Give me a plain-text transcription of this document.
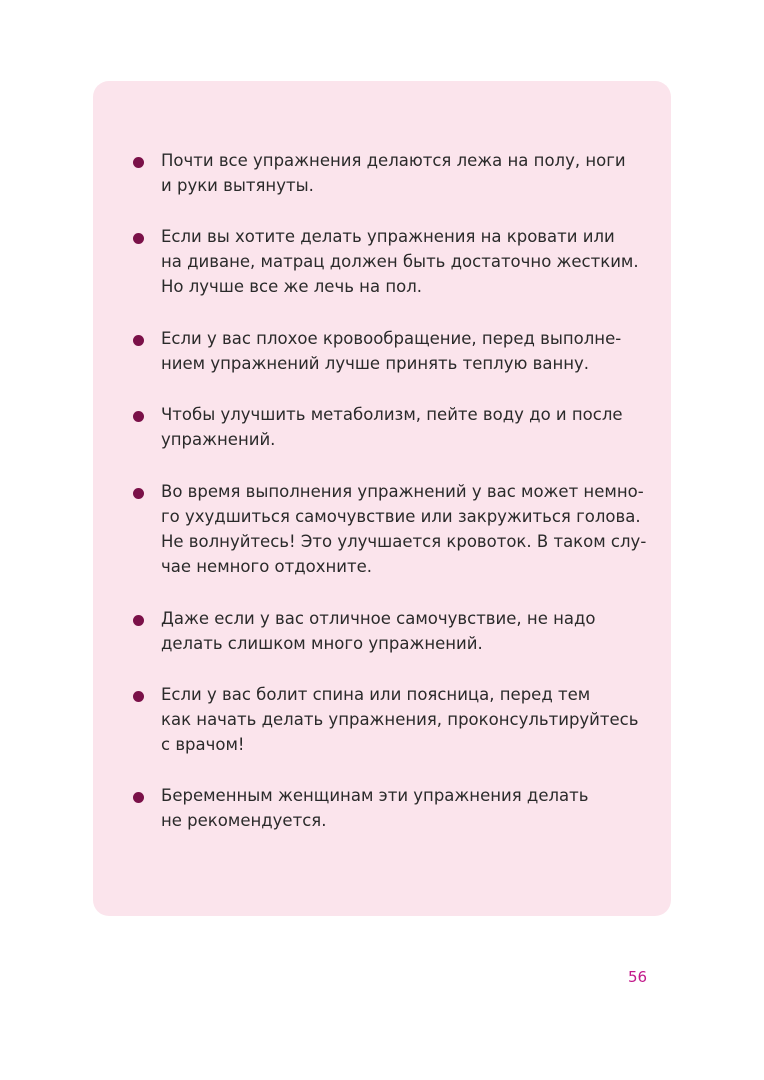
Почти все упражнения делаются лежа на полу, ноги
и руки вытянуты.

Если вы хотите делать упражнения на кровати или
на диване, матрац должен быть достаточно жестким.
Но лучше все же лечь на пол.

Если у вас плохое кровообращение, перед выполне-
нием упражнений лучше принять теплую ванну.

Чтобы улучшить метаболизм, пейте воду до и после
упражнений.

Во время выполнения упражнений у вас может немно-
го ухудшиться самочувствие или закружиться голова.
Не волнуйтесь! Это улучшается кровоток. В таком слу-
чае немного отдохните.

Даже если у вас отличное самочувствие, не надо
делать слишком много упражнений.

Если у вас болит спина или поясница, перед тем
как начать делать упражнения, проконсультируйтесь
с врачом!

Беременным женщинам эти упражнения делать
не рекомендуется.

56
